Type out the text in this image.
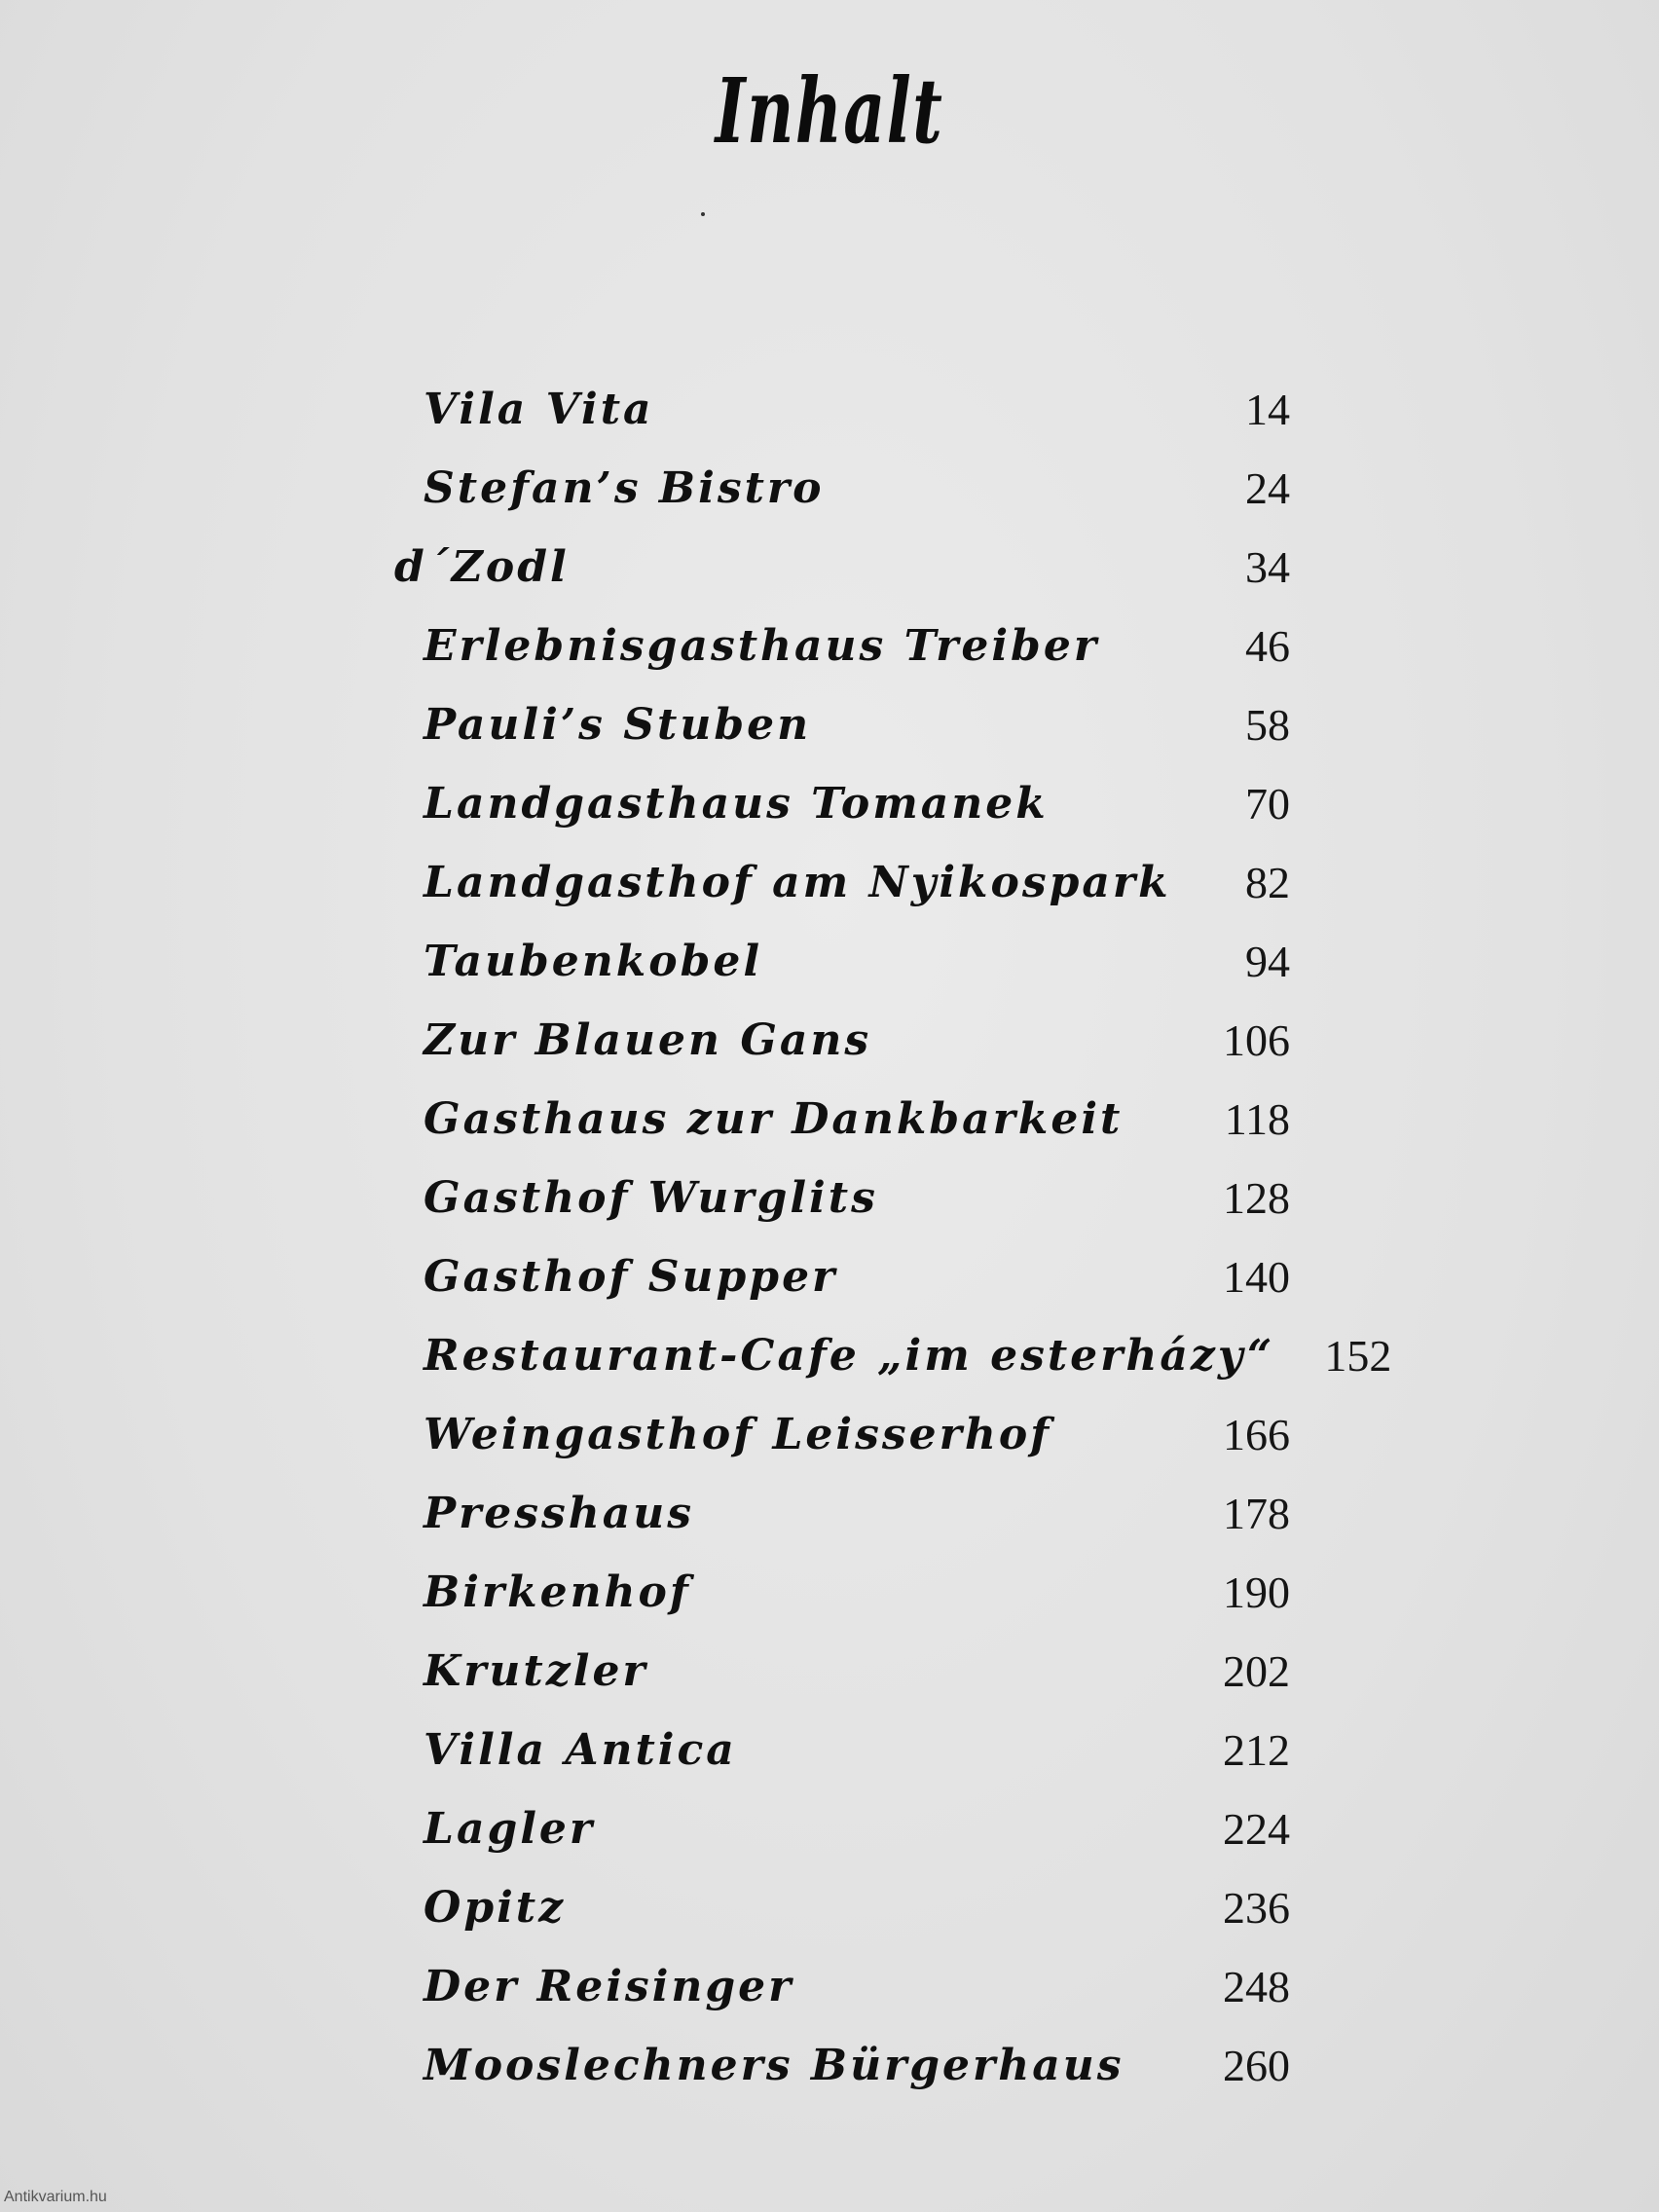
Inhalt
Vila Vita	14
Stefan’s Bistro	24
d´Zodl	34
Erlebnisgasthaus Treiber	46
Pauli’s Stuben	58
Landgasthaus Tomanek	70
Landgasthof am Nyikospark	82
Taubenkobel	94
Zur Blauen Gans	106
Gasthaus zur Dankbarkeit	118
Gasthof Wurglits	128
Gasthof Supper	140
Restaurant-Cafe „im esterházy“	152
Weingasthof Leisserhof	166
Presshaus	178
Birkenhof	190
Krutzler	202
Villa Antica	212
Lagler	224
Opitz	236
Der Reisinger	248
Mooslechners Bürgerhaus	260
Antikvarium.hu
